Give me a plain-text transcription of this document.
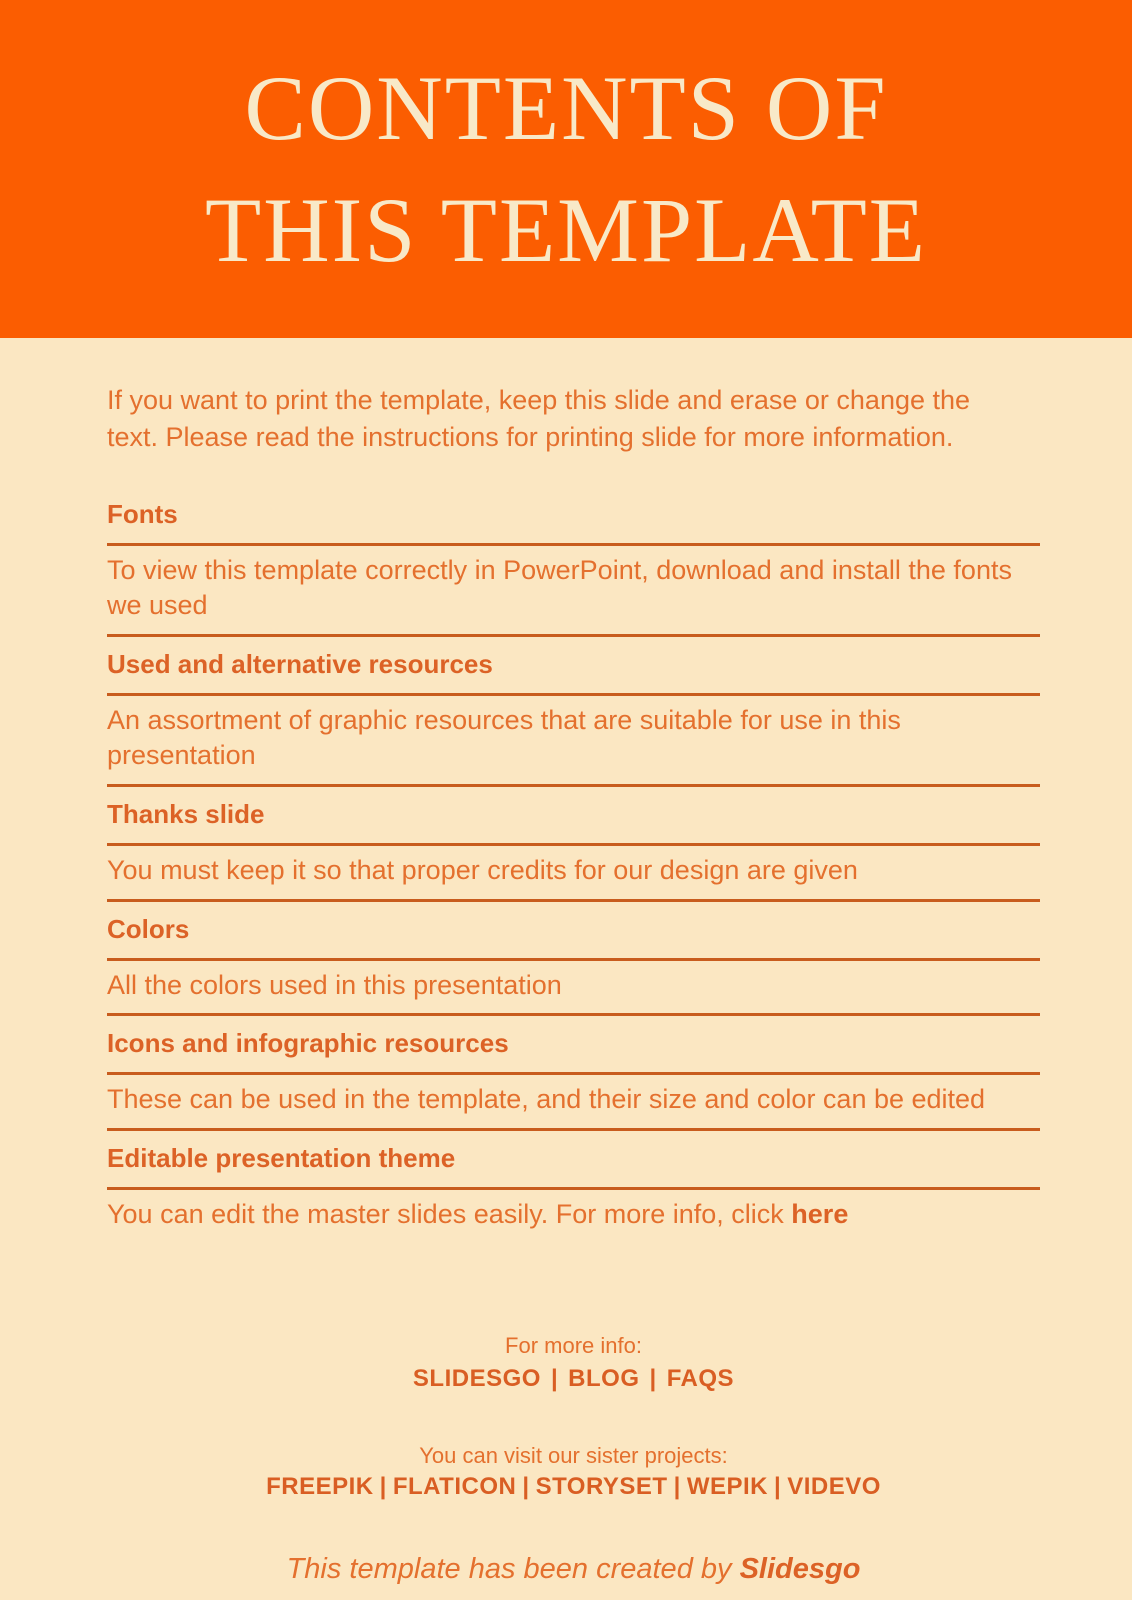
CONTENTS OF
THIS TEMPLATE

If you want to print the template, keep this slide and erase or change the text. Please read the instructions for printing slide for more information.

Fonts
To view this template correctly in PowerPoint, download and install the fonts we used
Used and alternative resources
An assortment of graphic resources that are suitable for use in this presentation
Thanks slide
You must keep it so that proper credits for our design are given
Colors
All the colors used in this presentation
Icons and infographic resources
These can be used in the template, and their size and color can be edited
Editable presentation theme
You can edit the master slides easily. For more info, click here
For more info:
SLIDESGO | BLOG | FAQS
You can visit our sister projects:
FREEPIK | FLATICON | STORYSET | WEPIK | VIDEVO
This template has been created by Slidesgo
